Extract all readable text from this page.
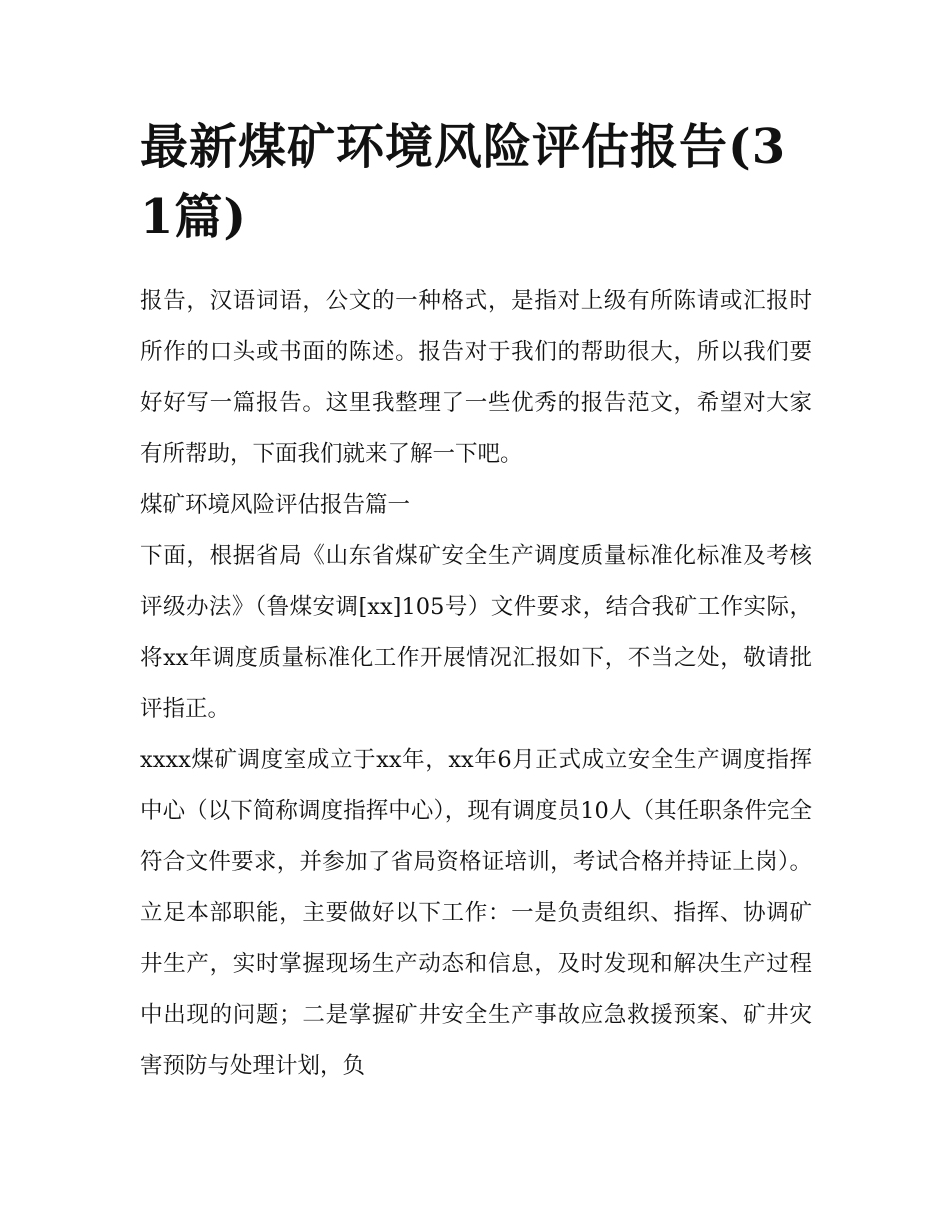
最新煤矿环境风险评估报告(31篇)

报告，汉语词语，公文的一种格式，是指对上级有所陈请或汇报时所作的口头或书面的陈述。报告对于我们的帮助很大，所以我们要好好写一篇报告。这里我整理了一些优秀的报告范文，希望对大家有所帮助，下面我们就来了解一下吧。

煤矿环境风险评估报告篇一

下面，根据省局《山东省煤矿安全生产调度质量标准化标准及考核评级办法》（鲁煤安调[xx]105号）文件要求，结合我矿工作实际，将xx年调度质量标准化工作开展情况汇报如下，不当之处，敬请批评指正。

xxxx煤矿调度室成立于xx年，xx年6月正式成立安全生产调度指挥中心（以下简称调度指挥中心），现有调度员10人（其任职条件完全符合文件要求，并参加了省局资格证培训，考试合格并持证上岗）。立足本部职能，主要做好以下工作：一是负责组织、指挥、协调矿井生产，实时掌握现场生产动态和信息，及时发现和解决生产过程中出现的问题；二是掌握矿井安全生产事故应急救援预案、矿井灾害预防与处理计划，负
